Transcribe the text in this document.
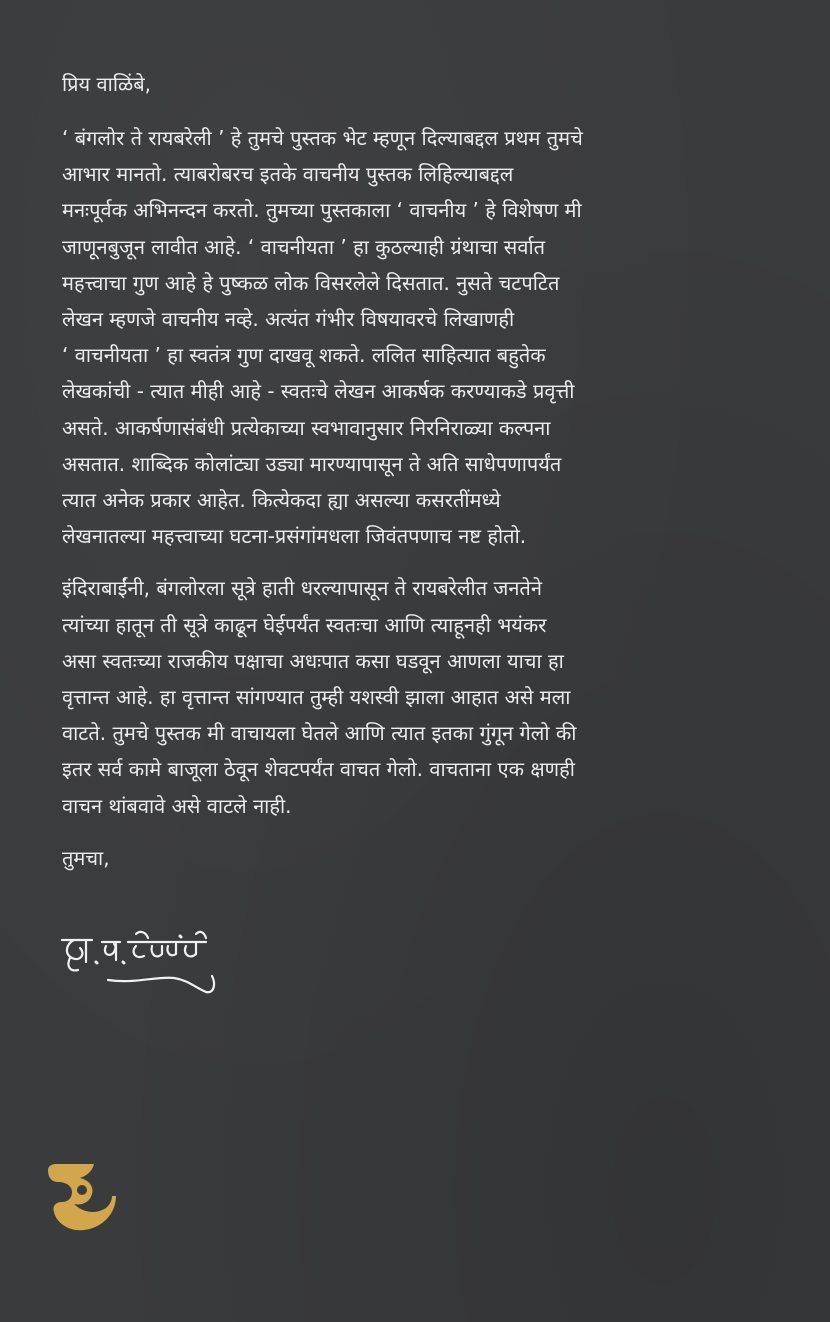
प्रिय वाळिंबे,
‘ बंगलोर ते रायबरेली ’ हे तुमचे पुस्तक भेट म्हणून दिल्याबद्दल प्रथम तुमचे
आभार मानतो. त्याबरोबरच इतके वाचनीय पुस्तक लिहिल्याबद्दल
मनःपूर्वक अभिनन्दन करतो. तुमच्या पुस्तकाला ‘ वाचनीय ’ हे विशेषण मी
जाणूनबुजून लावीत आहे. ‘ वाचनीयता ’ हा कुठल्याही ग्रंथाचा सर्वात
महत्त्वाचा गुण आहे हे पुष्कळ लोक विसरलेले दिसतात. नुसते चटपटित
लेखन म्हणजे वाचनीय नव्हे. अत्यंत गंभीर विषयावरचे लिखाणही
‘ वाचनीयता ’ हा स्वतंत्र गुण दाखवू शकते. ललित साहित्यात बहुतेक
लेखकांची - त्यात मीही आहे - स्वतःचे लेखन आकर्षक करण्याकडे प्रवृत्ती
असते. आकर्षणासंबंधी प्रत्येकाच्या स्वभावानुसार निरनिराळ्या कल्पना
असतात. शाब्दिक कोलांट्या उड्या मारण्यापासून ते अति साधेपणापर्यंत
त्यात अनेक प्रकार आहेत. कित्येकदा ह्या असल्या कसरतींमध्ये
लेखनातल्या महत्त्वाच्या घटना-प्रसंगांमधला जिवंतपणाच नष्ट होतो.
इंदिराबाईंनी, बंगलोरला सूत्रे हाती धरल्यापासून ते रायबरेलीत जनतेने
त्यांच्या हातून ती सूत्रे काढून घेईपर्यंत स्वतःचा आणि त्याहूनही भयंकर
असा स्वतःच्या राजकीय पक्षाचा अधःपात कसा घडवून आणला याचा हा
वृत्तान्त आहे. हा वृत्तान्त सांगण्यात तुम्ही यशस्वी झाला आहात असे मला
वाटते. तुमचे पुस्तक मी वाचायला घेतले आणि त्यात इतका गुंगून गेलो की
इतर सर्व कामे बाजूला ठेवून शेवटपर्यंत वाचत गेलो. वाचताना एक क्षणही
वाचन थांबवावे असे वाटले नाही.
तुमचा,
